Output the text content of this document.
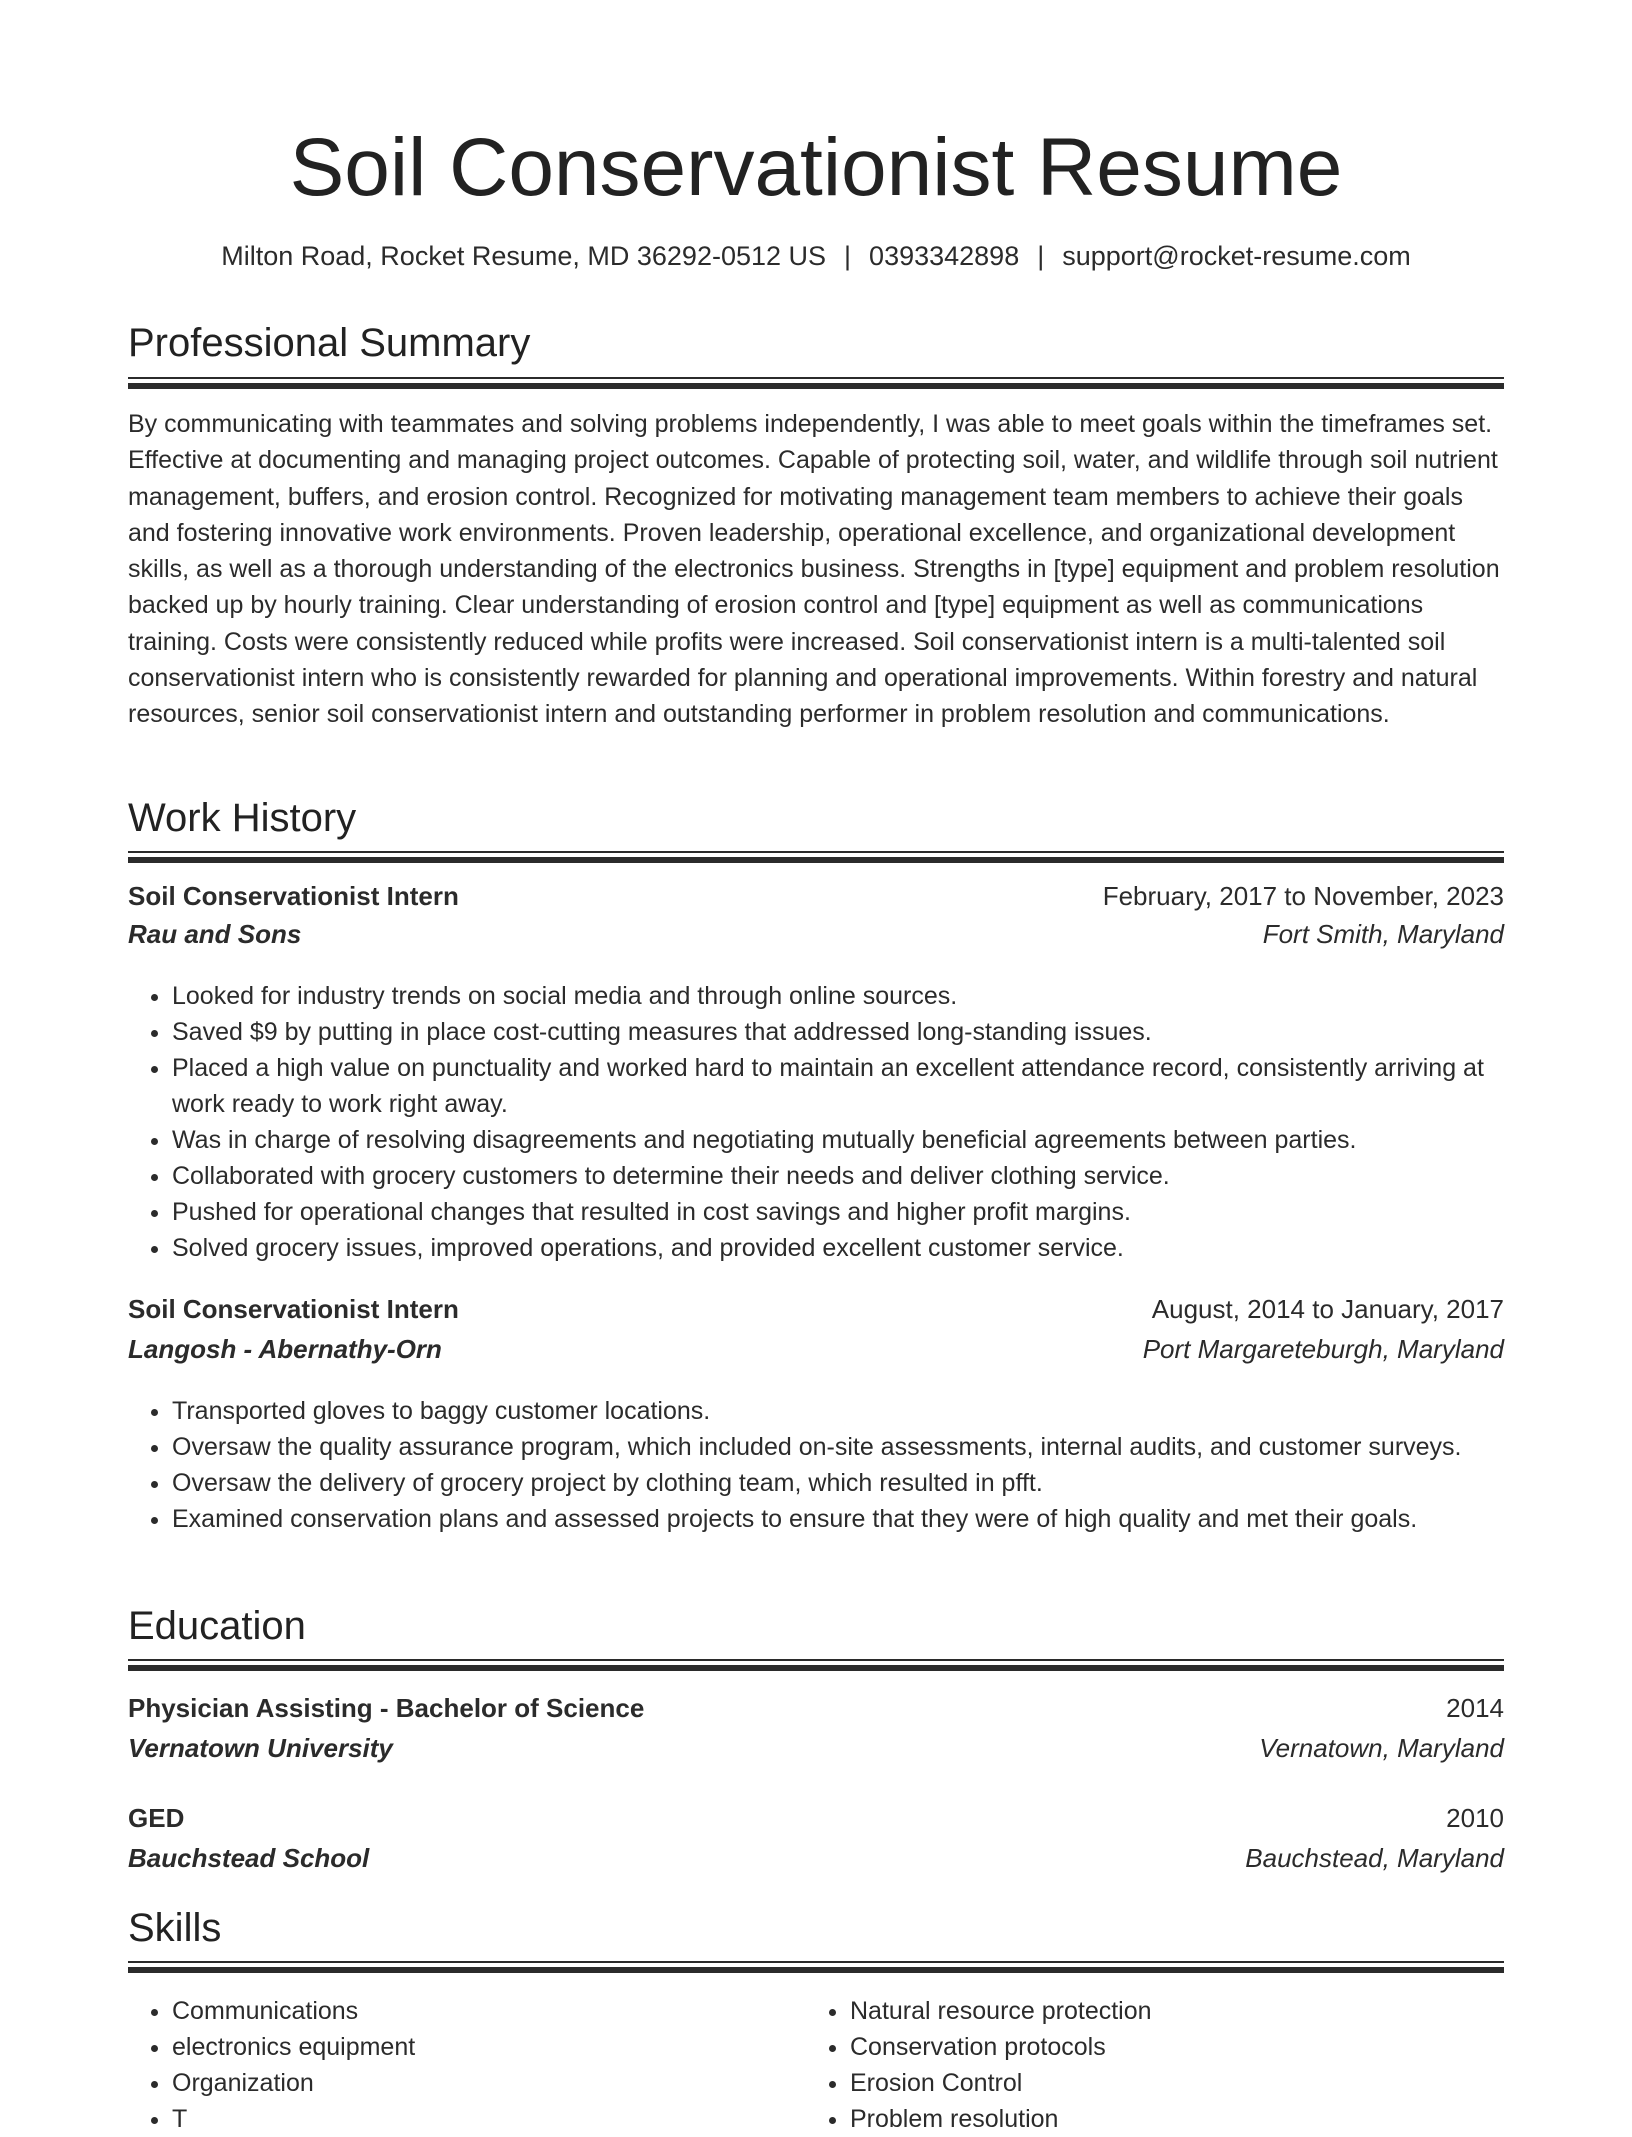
Soil Conservationist Resume
Milton Road, Rocket Resume, MD 36292-0512 US | 0393342898 | support@rocket-resume.com
Professional Summary

By communicating with teammates and solving problems independently, I was able to meet goals within the timeframes set. Effective at documenting and managing project outcomes. Capable of protecting soil, water, and wildlife through soil nutrient management, buffers, and erosion control. Recognized for motivating management team members to achieve their goals and fostering innovative work environments. Proven leadership, operational excellence, and organizational development skills, as well as a thorough understanding of the electronics business. Strengths in [type] equipment and problem resolution backed up by hourly training. Clear understanding of erosion control and [type] equipment as well as communications training. Costs were consistently reduced while profits were increased. Soil conservationist intern is a multi-talented soil conservationist intern who is consistently rewarded for planning and operational improvements. Within forestry and natural resources, senior soil conservationist intern and outstanding performer in problem resolution and communications.

Work History
Soil Conservationist Intern	February, 2017 to November, 2023
Rau and Sons	Fort Smith, Maryland
• Looked for industry trends on social media and through online sources.
• Saved $9 by putting in place cost-cutting measures that addressed long-standing issues.
• Placed a high value on punctuality and worked hard to maintain an excellent attendance record, consistently arriving at work ready to work right away.
• Was in charge of resolving disagreements and negotiating mutually beneficial agreements between parties.
• Collaborated with grocery customers to determine their needs and deliver clothing service.
• Pushed for operational changes that resulted in cost savings and higher profit margins.
• Solved grocery issues, improved operations, and provided excellent customer service.
Soil Conservationist Intern	August, 2014 to January, 2017
Langosh - Abernathy-Orn	Port Margareteburgh, Maryland
• Transported gloves to baggy customer locations.
• Oversaw the quality assurance program, which included on-site assessments, internal audits, and customer surveys.
• Oversaw the delivery of grocery project by clothing team, which resulted in pfft.
• Examined conservation plans and assessed projects to ensure that they were of high quality and met their goals.
Education
Physician Assisting - Bachelor of Science	2014
Vernatown University	Vernatown, Maryland
GED	2010
Bauchstead School	Bauchstead, Maryland
Skills
• Communications
• electronics equipment
• Organization
• T
• Natural resource protection
• Conservation protocols
• Erosion Control
• Problem resolution
